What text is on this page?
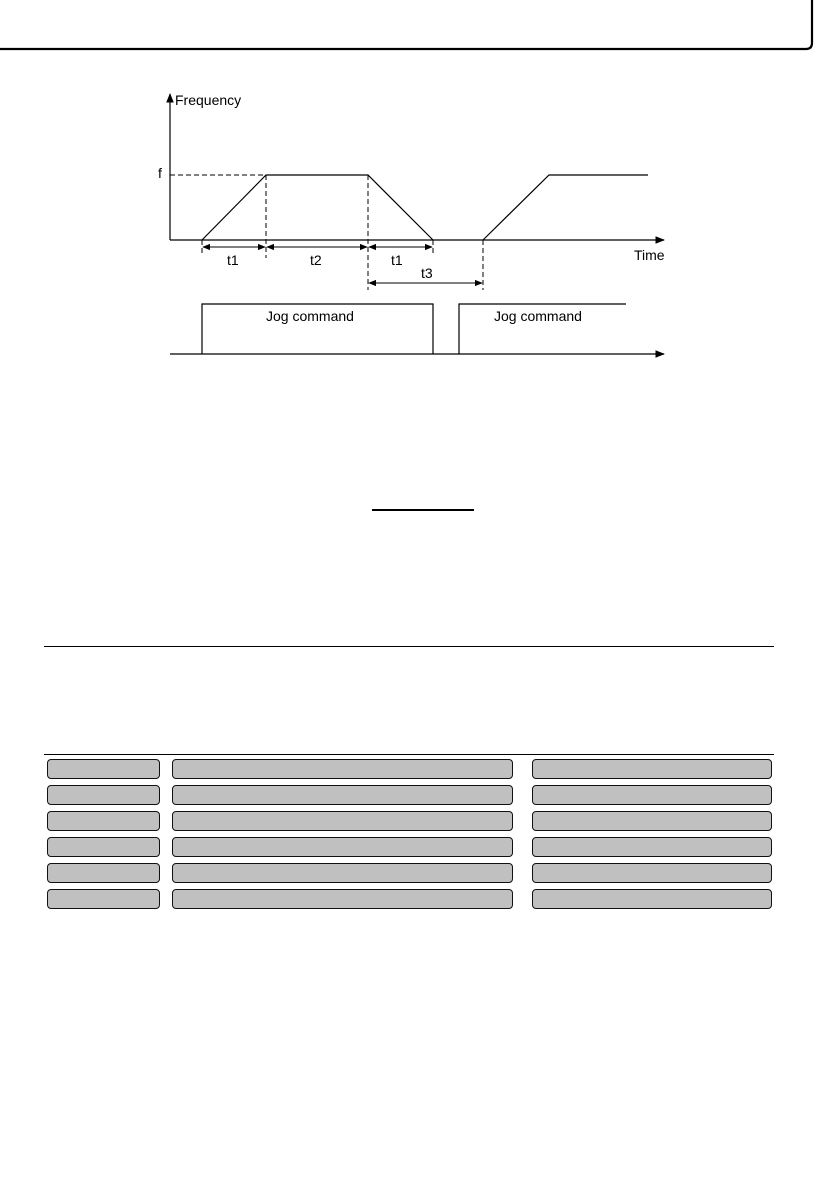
Frequency
Time
f
t1	t2	t1
t3
Jog command	Jog command
